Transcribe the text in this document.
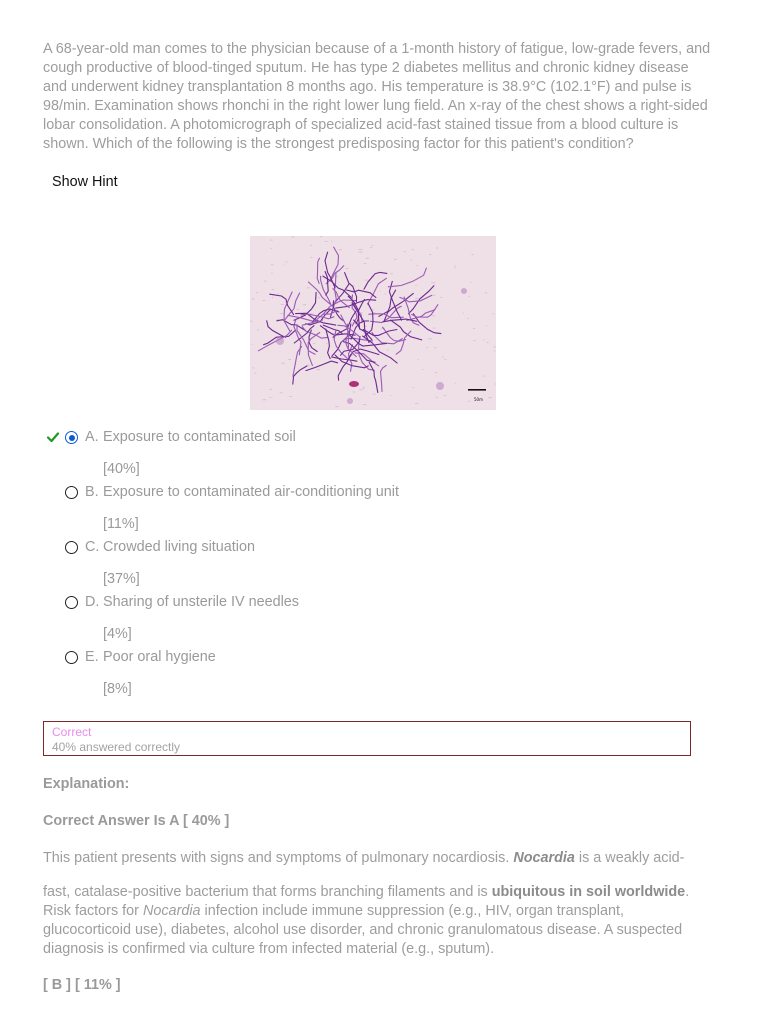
A 68-year-old man comes to the physician because of a 1-month history of fatigue, low-grade fevers, and cough productive of blood-tinged sputum. He has type 2 diabetes mellitus and chronic kidney disease and underwent kidney transplantation 8 months ago. His temperature is 38.9°C (102.1°F) and pulse is 98/min. Examination shows rhonchi in the right lower lung field. An x-ray of the chest shows a right-sided lobar consolidation. A photomicrograph of specialized acid-fast stained tissue from a blood culture is shown. Which of the following is the strongest predisposing factor for this patient's condition?

Show Hint
50m
A. Exposure to contaminated soil
[40%]
B. Exposure to contaminated air-conditioning unit
[11%]
C. Crowded living situation
[37%]
D. Sharing of unsterile IV needles
[4%]
E. Poor oral hygiene
[8%]
Correct
40% answered correctly
Explanation:
Correct Answer Is A [ 40% ]
This patient presents with signs and symptoms of pulmonary nocardiosis. Nocardia is a weakly acid-
fast, catalase-positive bacterium that forms branching filaments and is ubiquitous in soil worldwide. Risk factors for Nocardia infection include immune suppression (e.g., HIV, organ transplant, glucocorticoid use), diabetes, alcohol use disorder, and chronic granulomatous disease. A suspected diagnosis is confirmed via culture from infected material (e.g., sputum).
[ B ] [ 11% ]
